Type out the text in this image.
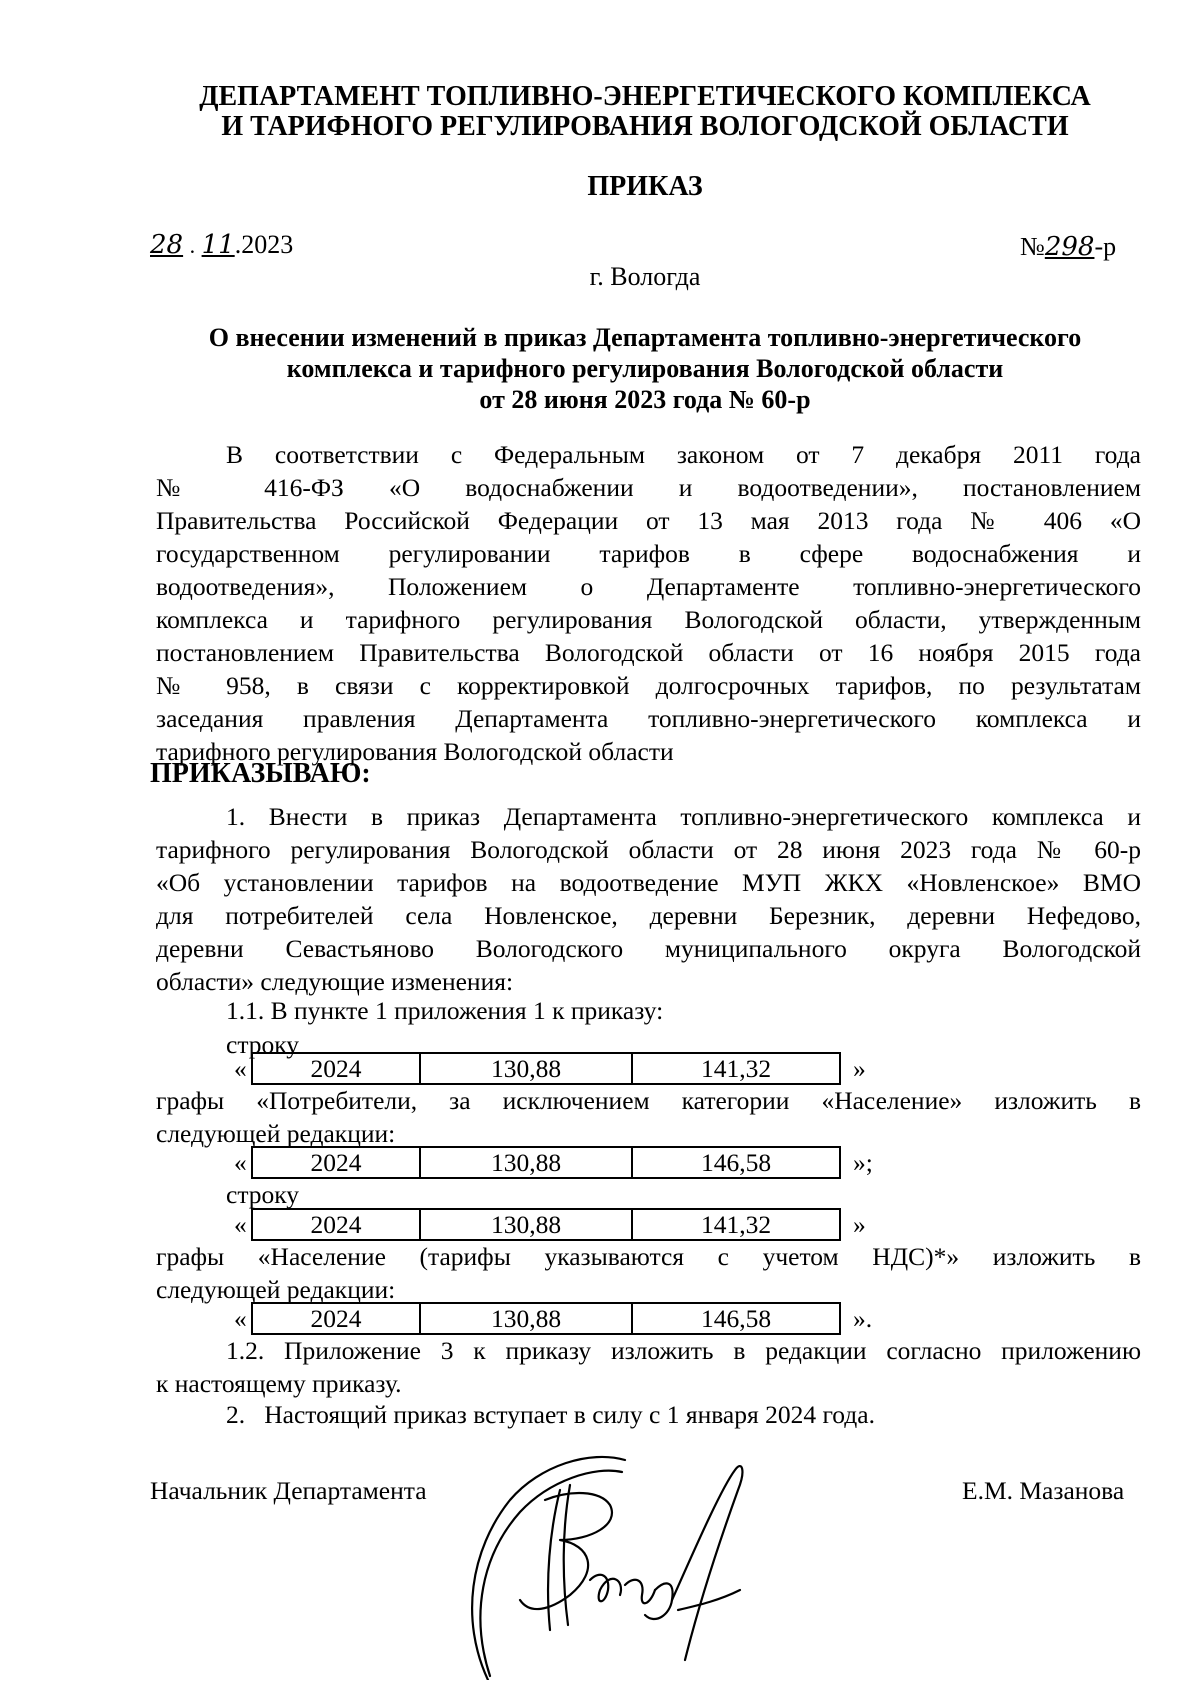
ДЕПАРТАМЕНТ ТОПЛИВНО-ЭНЕРГЕТИЧЕСКОГО КОМПЛЕКСА
И ТАРИФНОГО РЕГУЛИРОВАНИЯ ВОЛОГОДСКОЙ ОБЛАСТИ
ПРИКАЗ
28 . 11.2023	№298-р
г. Вологда
О внесении изменений в приказ Департамента топливно-энергетического
комплекса и тарифного регулирования Вологодской области
от 28 июня 2023 года № 60-р
В соответствии с Федеральным законом от 7 декабря 2011 года
№ 416-ФЗ «О водоснабжении и водоотведении», постановлением
Правительства Российской Федерации от 13 мая 2013 года № 406 «О
государственном регулировании тарифов в сфере водоснабжения и
водоотведения», Положением о Департаменте топливно-энергетического
комплекса и тарифного регулирования Вологодской области, утвержденным
постановлением Правительства Вологодской области от 16 ноября 2015 года
№ 958, в связи с корректировкой долгосрочных тарифов, по результатам
заседания правления Департамента топливно-энергетического комплекса и
тарифного регулирования Вологодской области
ПРИКАЗЫВАЮ:
1. Внести в приказ Департамента топливно-энергетического комплекса и
тарифного регулирования Вологодской области от 28 июня 2023 года № 60-р
«Об установлении тарифов на водоотведение МУП ЖКХ «Новленское» ВМО
для потребителей села Новленское, деревни Березник, деревни Нефедово,
деревни Севастьяново Вологодского муниципального округа Вологодской
области» следующие изменения:
1.1. В пункте 1 приложения 1 к приказу:
строку
«	2024	130,88	141,32	»
графы «Потребители, за исключением категории «Население» изложить в
следующей редакции:
«	2024	130,88	146,58	»;
строку
«	2024	130,88	141,32	»
графы «Население (тарифы указываются с учетом НДС)*» изложить в
следующей редакции:
«	2024	130,88	146,58	».
1.2. Приложение 3 к приказу изложить в редакции согласно приложению
к настоящему приказу.
2.   Настоящий приказ вступает в силу с 1 января 2024 года.
Начальник Департамента	Е.М. Мазанова
